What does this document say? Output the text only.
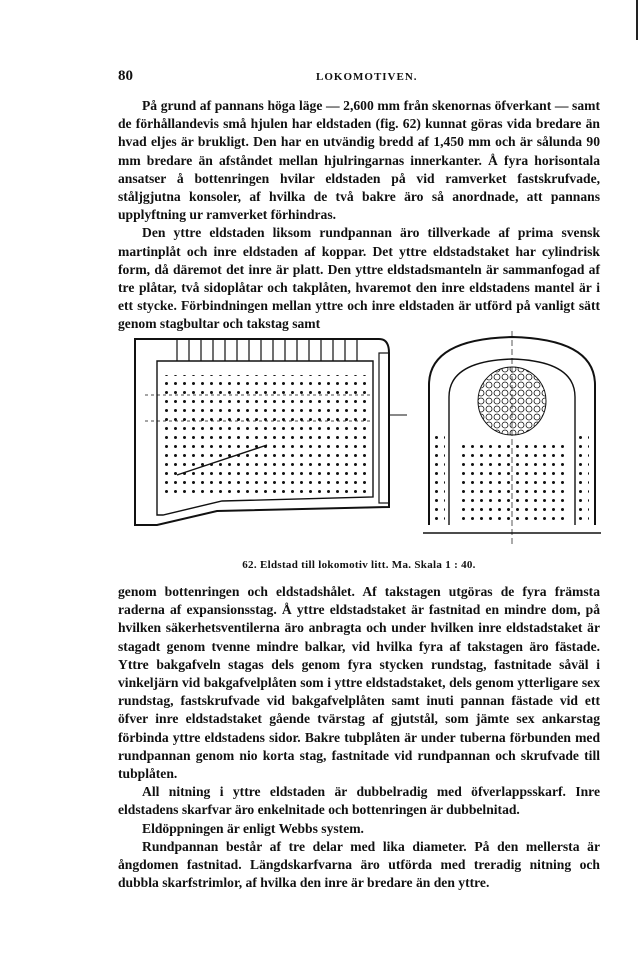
80	LOKOMOTIVEN.

På grund af pannans höga läge — 2,600 mm från skenornas öfverkant — samt de förhållandevis små hjulen har eldstaden (fig. 62) kunnat göras vida bredare än hvad eljes är brukligt. Den har en utvändig bredd af 1,450 mm och är sålunda 90 mm bredare än afståndet mellan hjulringarnas innerkanter. Å fyra horisontala ansatser å bottenringen hvilar eldstaden på vid ramverket fastskrufvade, ståljgjutna konsoler, af hvilka de två bakre äro så anordnade, att pannans upplyftning ur ramverket förhindras.

Den yttre eldstaden liksom rundpannan äro tillverkade af prima svensk martinplåt och inre eldstaden af koppar. Det yttre eldstadstaket har cylindrisk form, då däremot det inre är platt. Den yttre eldstadsmanteln är sammanfogad af tre plåtar, två sidoplåtar och takplåten, hvaremot den inre eldstadens mantel är i ett stycke. Förbindningen mellan yttre och inre eldstaden är utförd på vanligt sätt genom stagbultar och takstag samt

62. Eldstad till lokomotiv litt. Ma. Skala 1 : 40.

genom bottenringen och eldstadshålet. Af takstagen utgöras de fyra främsta raderna af expansionsstag. Å yttre eldstadstaket är fastnitad en mindre dom, på hvilken säkerhetsventilerna äro anbragta och under hvilken inre eldstadstaket är stagadt genom tvenne mindre balkar, vid hvilka fyra af takstagen äro fästade. Yttre bakgafveln stagas dels genom fyra stycken rundstag, fastnitade såväl i vinkeljärn vid bakgafvelplåten som i yttre eldstadstaket, dels genom ytterligare sex rundstag, fastskrufvade vid bakgafvelplåten samt inuti pannan fästade vid ett öfver inre eldstadstaket gående tvärstag af gjutstål, som jämte sex ankarstag förbinda yttre eldstadens sidor. Bakre tubplåten är under tuberna förbunden med rundpannan genom nio korta stag, fastnitade vid rundpannan och skrufvade till tubplåten.

All nitning i yttre eldstaden är dubbelradig med öfverlappsskarf. Inre eldstadens skarfvar äro enkelnitade och bottenringen är dubbelnitad.

Eldöppningen är enligt Webbs system.

Rundpannan består af tre delar med lika diameter. På den mellersta är ångdomen fastnitad. Längdskarfvarna äro utförda med treradig nitning och dubbla skarfstrimlor, af hvilka den inre är bredare än den yttre.
